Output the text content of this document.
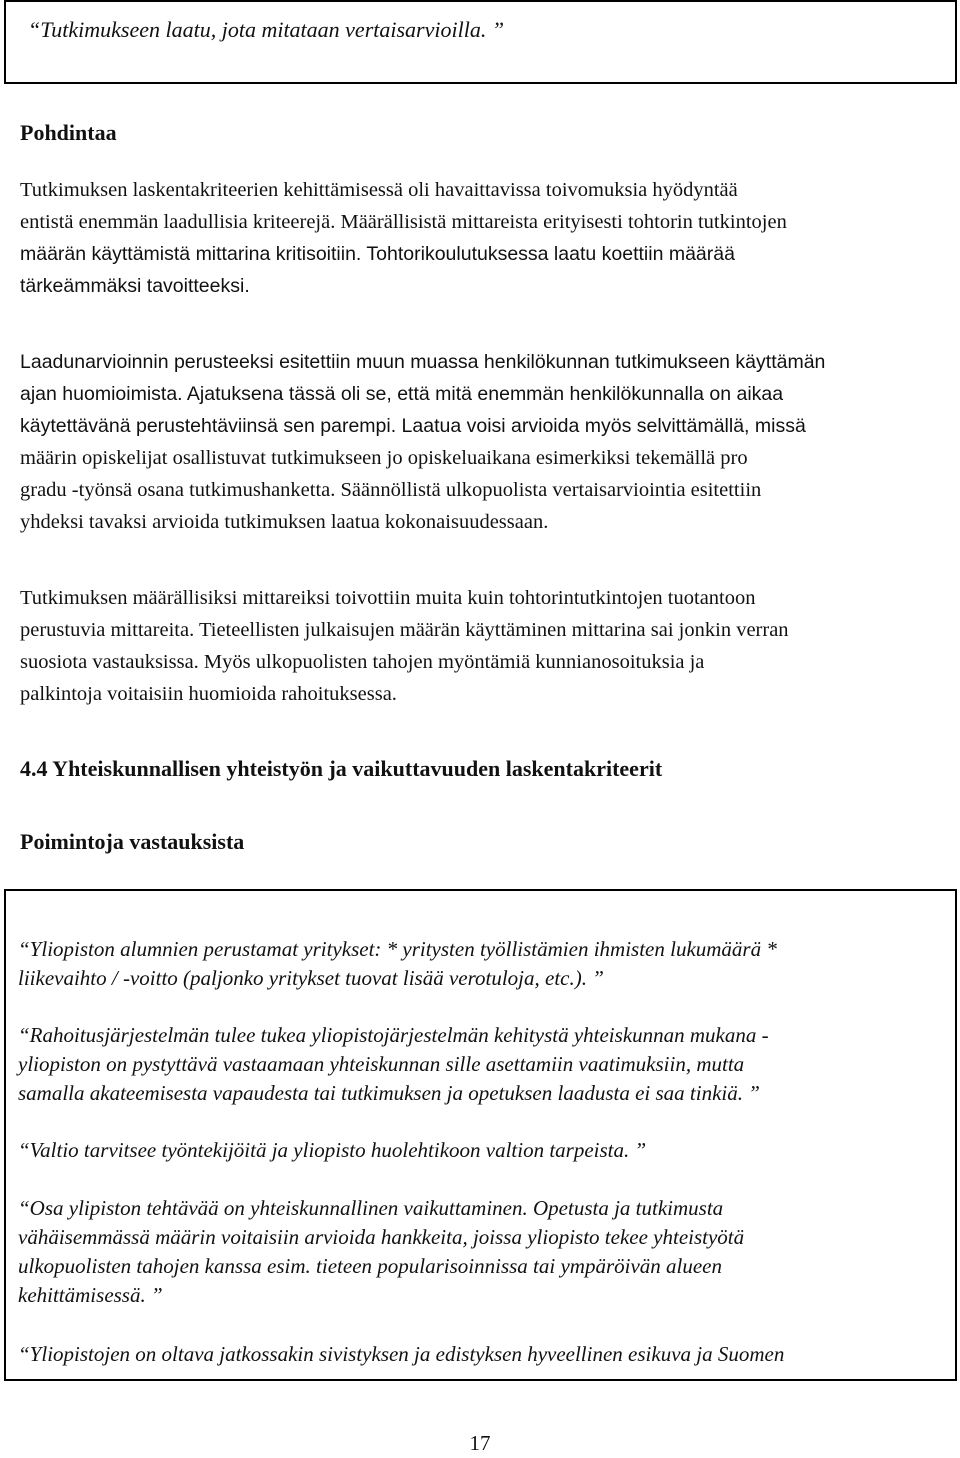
“Tutkimukseen laatu, jota mitataan vertaisarvioilla. ”
Pohdintaa
Tutkimuksen laskentakriteerien kehittämisessä oli havaittavissa toivomuksia hyödyntää
entistä enemmän laadullisia kriteerejä. Määrällisistä mittareista erityisesti tohtorin tutkintojen
määrän käyttämistä mittarina kritisoitiin. Tohtorikoulutuksessa laatu koettiin määrää
tärkeämmäksi tavoitteeksi.
Laadunarvioinnin perusteeksi esitettiin muun muassa henkilökunnan tutkimukseen käyttämän
ajan huomioimista. Ajatuksena tässä oli se, että mitä enemmän henkilökunnalla on aikaa
käytettävänä perustehtäviinsä sen parempi. Laatua voisi arvioida myös selvittämällä, missä
määrin opiskelijat osallistuvat tutkimukseen jo opiskeluaikana esimerkiksi tekemällä pro
gradu -työnsä osana tutkimushanketta. Säännöllistä ulkopuolista vertaisarviointia esitettiin
yhdeksi tavaksi arvioida tutkimuksen laatua kokonaisuudessaan.
Tutkimuksen määrällisiksi mittareiksi toivottiin muita kuin tohtorintutkintojen tuotantoon
perustuvia mittareita. Tieteellisten julkaisujen määrän käyttäminen mittarina sai jonkin verran
suosiota vastauksissa. Myös ulkopuolisten tahojen myöntämiä kunnianosoituksia ja
palkintoja voitaisiin huomioida rahoituksessa.
4.4 Yhteiskunnallisen yhteistyön ja vaikuttavuuden laskentakriteerit
Poimintoja vastauksista
“Yliopiston alumnien perustamat yritykset: * yritysten työllistämien ihmisten lukumäärä *
liikevaihto / -voitto (paljonko yritykset tuovat lisää verotuloja, etc.). ”
“Rahoitusjärjestelmän tulee tukea yliopistojärjestelmän kehitystä yhteiskunnan mukana -
yliopiston on pystyttävä vastaamaan yhteiskunnan sille asettamiin vaatimuksiin, mutta
samalla akateemisesta vapaudesta tai tutkimuksen ja opetuksen laadusta ei saa tinkiä. ”
“Valtio tarvitsee työntekijöitä ja yliopisto huolehtikoon valtion tarpeista. ”
“Osa ylipiston tehtävää on yhteiskunnallinen vaikuttaminen. Opetusta ja tutkimusta
vähäisemmässä määrin voitaisiin arvioida hankkeita, joissa yliopisto tekee yhteistyötä
ulkopuolisten tahojen kanssa esim. tieteen popularisoinnissa tai ympäröivän alueen
kehittämisessä. ”
“Yliopistojen on oltava jatkossakin sivistyksen ja edistyksen hyveellinen esikuva ja Suomen
17
